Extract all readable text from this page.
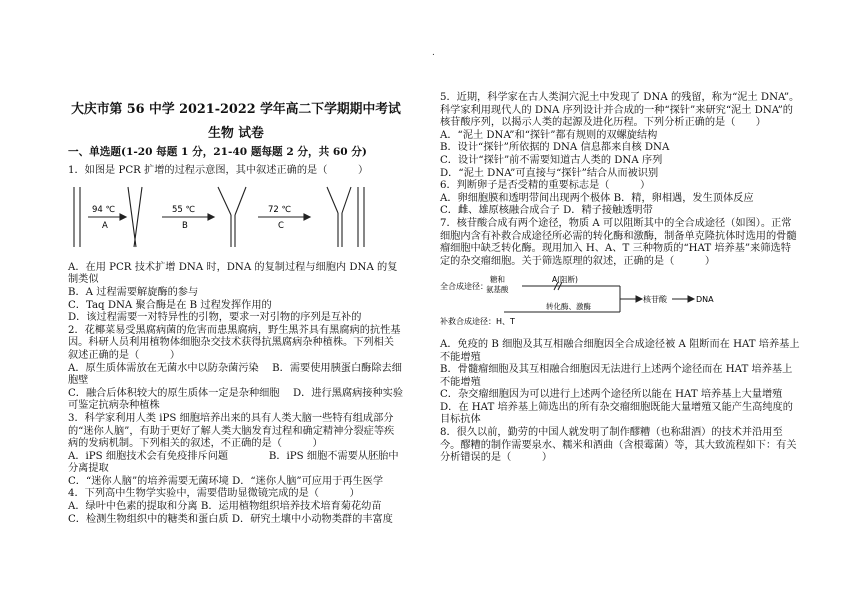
.
大庆市第 56 中学 2021-2022 学年高二下学期期中考试
生物 试卷
一、单选题(1-20 每题 1 分，21-40 题每题 2 分，共 60 分)

1．如图是 PCR 扩增的过程示意图，其中叙述正确的是（　　　）

94 ℃
A
55 ℃
B
72 ℃
C

A．在用 PCR 技术扩增 DNA 时，DNA 的复制过程与细胞内 DNA 的复制类似

B．A 过程需要解旋酶的参与

C．Taq DNA 聚合酶是在 B 过程发挥作用的

D．该过程需要一对特异性的引物，要求一对引物的序列是互补的

2．花椰菜易受黑腐病菌的危害而患黑腐病，野生黑芥具有黑腐病的抗性基因。科研人员利用植物体细胞杂交技术获得抗黑腐病杂种植株。下列相关叙述正确的是（　　　）

A．原生质体需放在无菌水中以防杂菌污染　 B．需要使用胰蛋白酶除去细胞壁

C．融合后体积较大的原生质体一定是杂种细胞　 D．进行黑腐病接种实验可鉴定抗病杂种植株

3．科学家利用人类 iPS 细胞培养出来的具有人类大脑一些特有组成部分的“迷你人脑”，有助于更好了解人类大脑发育过程和确定精神分裂症等疾病的发病机制。下列相关的叙述，不正确的是（　　　）

A．iPS 细胞技术会有免疫排斥问题　　　　B．iPS 细胞不需要从胚胎中分离提取

C．“迷你人脑”的培养需要无菌环境 D．“迷你人脑”可应用于再生医学

4．下列高中生物学实验中，需要借助显微镜完成的是（　　　）

A．绿叶中色素的提取和分离 B．运用植物组织培养技术培育菊花幼苗

C．检测生物组织中的糖类和蛋白质 D．研究土壤中小动物类群的丰富度

5．近期，科学家在古人类洞穴泥土中发现了 DNA 的残留，称为“泥土 DNA”。科学家利用现代人的 DNA 序列设计并合成的一种“探针”来研究“泥土 DNA”的核苷酸序列，以揭示人类的起源及进化历程。下列分析正确的是（　　）

A．“泥土 DNA”和“探针”都有规则的双螺旋结构

B．设计“探针”所依据的 DNA 信息都来自核 DNA

C．设计“探针”前不需要知道古人类的 DNA 序列

D．“泥土 DNA”可直接与“探针”结合从而被识别

6．判断卵子是否受精的重要标志是（　　　）

A．卵细胞膜和透明带间出现两个极体 B．精，卵相遇，发生顶体反应

C．雌、雄原核融合成合子 D．精子接触透明带

7．核苷酸合成有两个途径，物质 A 可以阻断其中的全合成途径（如图）。正常细胞内含有补救合成途径所必需的转化酶和激酶，制备单克隆抗体时选用的骨髓瘤细胞中缺乏转化酶。现用加入 H、A、T 三种物质的“HAT 培养基”来筛选特定的杂交瘤细胞。关于筛选原理的叙述，正确的是（　　　）

全合成途径：
糖和
氨基酸
A(阻断)
核苷酸	DNA
补救合成途径：H、T
转化酶、激酶

A．免疫的 B 细胞及其互相融合细胞因全合成途径被 A 阻断而在 HAT 培养基上不能增殖

B．骨髓瘤细胞及其互相融合细胞因无法进行上述两个途径而在 HAT 培养基上不能增殖

C．杂交瘤细胞因为可以进行上述两个途径所以能在 HAT 培养基上大量增殖

D．在 HAT 培养基上筛选出的所有杂交瘤细胞既能大量增殖又能产生高纯度的目标抗体

8．很久以前，勤劳的中国人就发明了制作醪糟（也称甜酒）的技术并沿用至今。醪糟的制作需要泉水、糯米和酒曲（含根霉菌）等，其大致流程如下：有关分析错误的是（　　　）
